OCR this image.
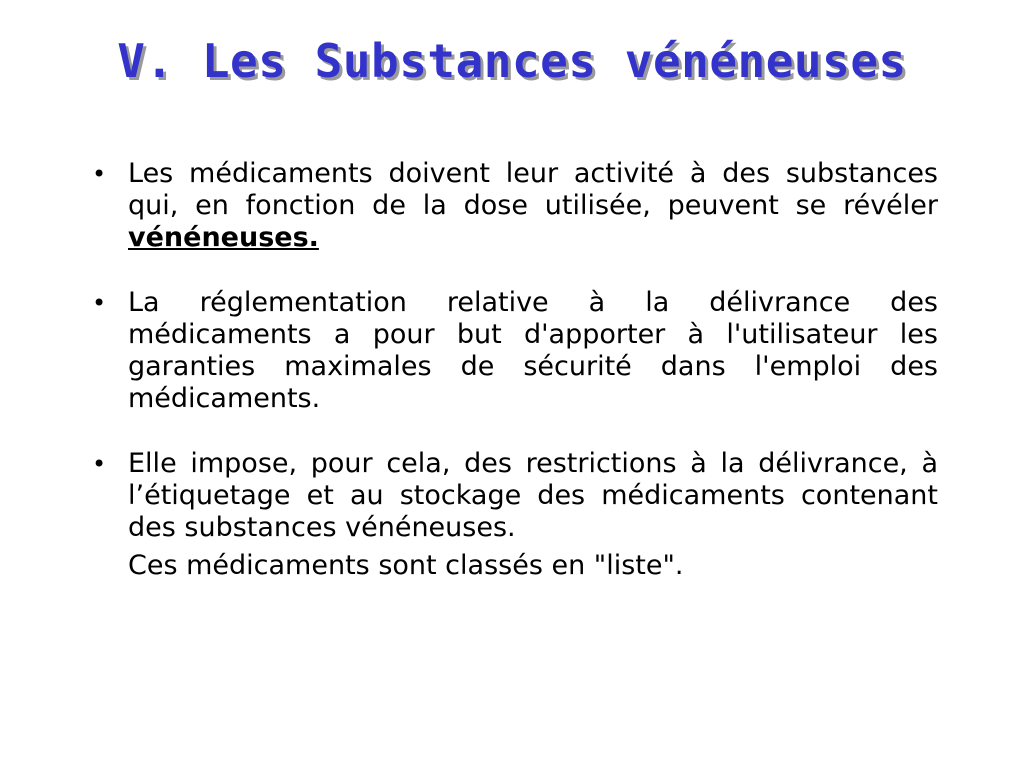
V. Les Substances vénéneuses
• Les médicaments doivent leur activité à des substances qui, en fonction de la dose utilisée, peuvent se révéler vénéneuses.
• La réglementation relative à la délivrance des médicaments a pour but d'apporter à l'utilisateur les garanties maximales de sécurité dans l'emploi des médicaments.
• Elle impose, pour cela, des restrictions à la délivrance, à l’étiquetage et au stockage des médicaments contenant des substances vénéneuses.
Ces médicaments sont classés en "liste".
